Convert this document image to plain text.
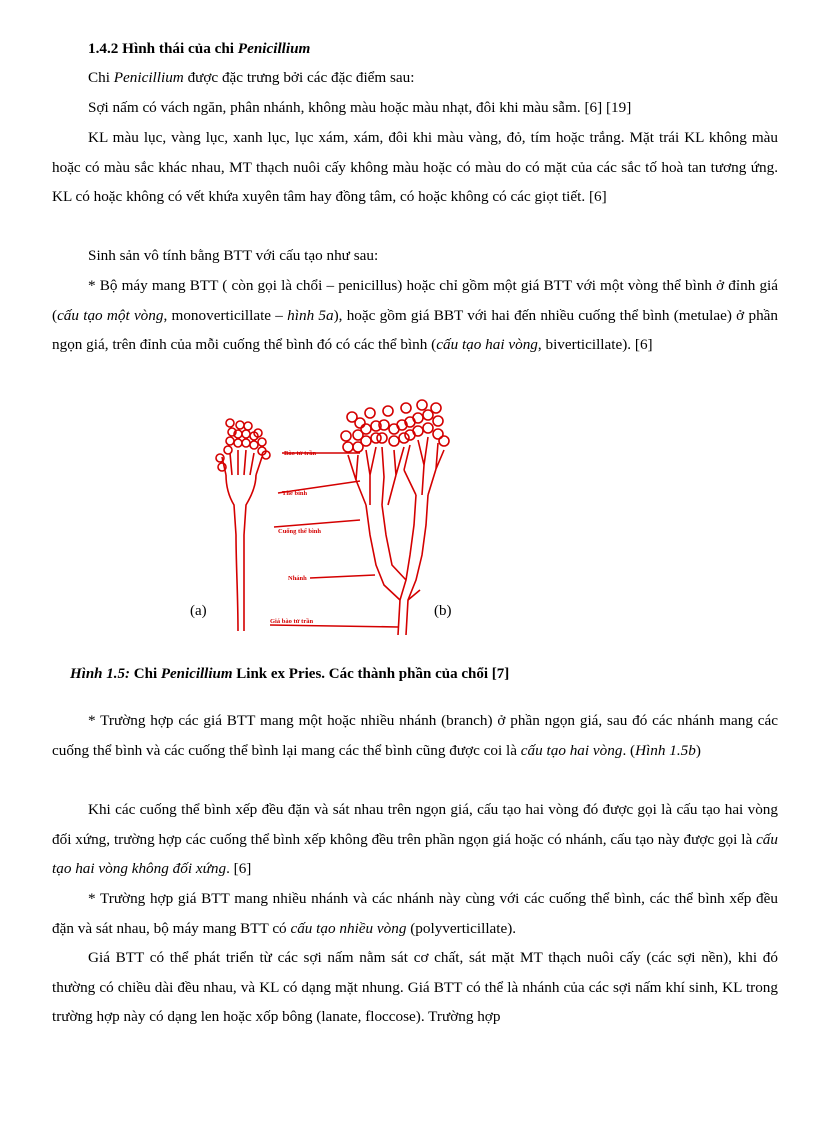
1.4.2 Hình thái của chi Penicillium

Chi Penicillium được đặc trưng bởi các đặc điểm sau:

Sợi nấm có vách ngăn, phân nhánh, không màu hoặc màu nhạt, đôi khi màu sẫm. [6] [19]

KL màu lục, vàng lục, xanh lục, lục xám, xám, đôi khi màu vàng, đỏ, tím hoặc trắng. Mặt trái KL không màu hoặc có màu sắc khác nhau, MT thạch nuôi cấy không màu hoặc có màu do có mặt của các sắc tố hoà tan tương ứng. KL có hoặc không có vết khứa xuyên tâm hay đồng tâm, có hoặc không có các giọt tiết. [6]

Sinh sản vô tính bằng BTT với cấu tạo như sau:

* Bộ máy mang BTT ( còn gọi là chổi – penicillus) hoặc chỉ gồm một giá BTT với một vòng thể bình ở đỉnh giá (cấu tạo một vòng, monoverticillate – hình 5a), hoặc gồm giá BBT với hai đến nhiều cuống thể bình (metulae) ở phần ngọn giá, trên đỉnh của mỗi cuống thể bình đó có các thể bình (cấu tạo hai vòng, biverticillate). [6]

Bào tử trần
Thể bình
Cuống thể bình
Nhánh
Giá bào tử trần
(a)	(b)
Hình 1.5: Chi Penicillium Link ex Pries. Các thành phần của chổi [7]

* Trường hợp các giá BTT mang một hoặc nhiều nhánh (branch) ở phần ngọn giá, sau đó các nhánh mang các cuống thể bình và các cuống thể bình lại mang các thể bình cũng được coi là cấu tạo hai vòng. (Hình 1.5b)

Khi các cuống thể bình xếp đều đặn và sát nhau trên ngọn giá, cấu tạo hai vòng đó được gọi là cấu tạo hai vòng đối xứng, trường hợp các cuống thể bình xếp không đều trên phần ngọn giá hoặc có nhánh, cấu tạo này được gọi là cấu tạo hai vòng không đối xứng. [6]

* Trường hợp giá BTT mang nhiều nhánh và các nhánh này cùng với các cuống thể bình, các thể bình xếp đều đặn và sát nhau, bộ máy mang BTT có cấu tạo nhiều vòng (polyverticillate).

Giá BTT có thể phát triển từ các sợi nấm nằm sát cơ chất, sát mặt MT thạch nuôi cấy (các sợi nền), khi đó thường có chiều dài đều nhau, và KL có dạng mặt nhung. Giá BTT có thể là nhánh của các sợi nấm khí sinh, KL trong trường hợp này có dạng len hoặc xốp bông (lanate, floccose). Trường hợp
